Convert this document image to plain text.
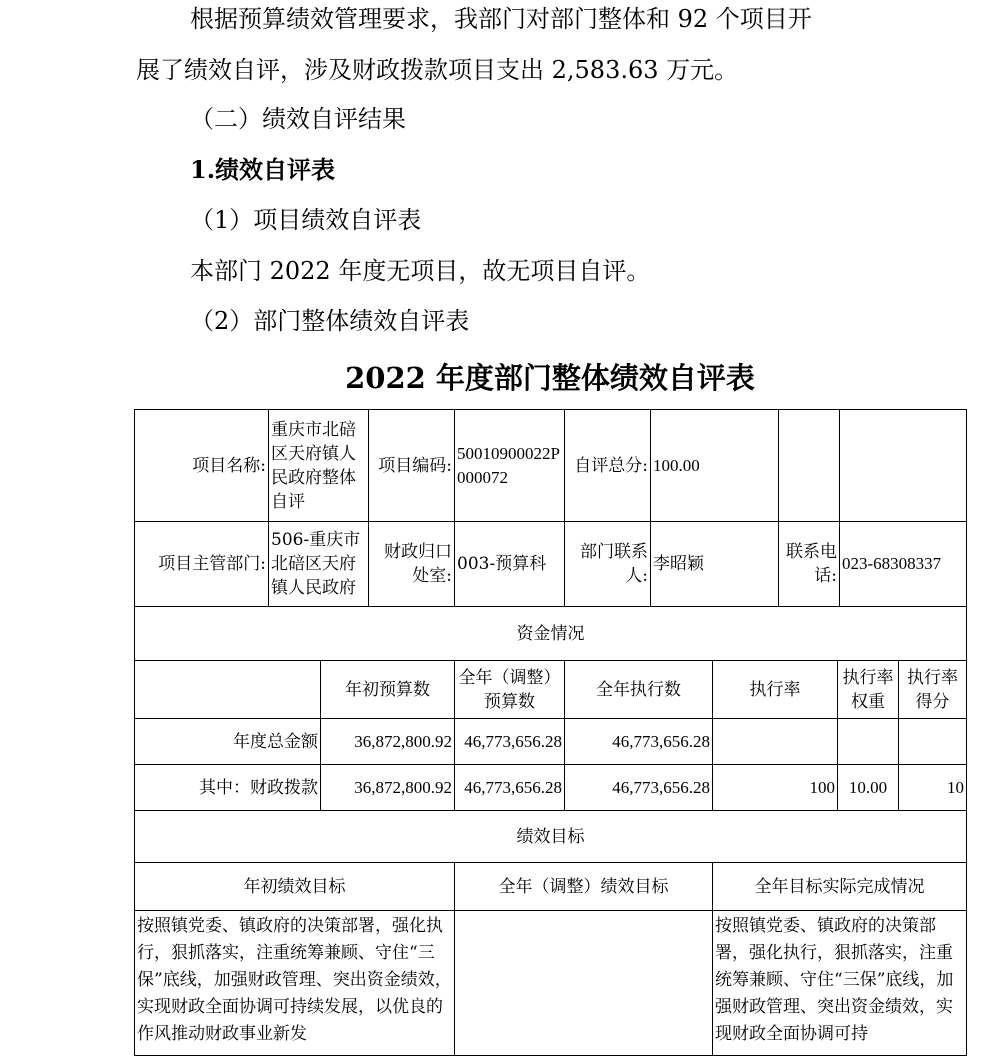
根据预算绩效管理要求，我部门对部门整体和 92 个项目开
展了绩效自评，涉及财政拨款项目支出 2,583.63 万元。
（二）绩效自评结果
1.绩效自评表
（1）项目绩效自评表
本部门 2022 年度无项目，故无项目自评。
（2）部门整体绩效自评表
2022 年度部门整体绩效自评表
项目名称:	重庆市北碚区天府镇人民政府整体自评	项目编码:	50010900022P000072	自评总分:	100.00		
项目主管部门:	506-重庆市北碚区天府镇人民政府	财政归口处室:	003-预算科	部门联系人:	李昭颖	联系电话:	023-68308337
资金情况							
	年初预算数	全年（调整）预算数	全年执行数	执行率	执行率权重	执行率得分
年度总金额	36,872,800.92	46,773,656.28	46,773,656.28			
其中：财政拨款	36,872,800.92	46,773,656.28	46,773,656.28	100	10.00	10
绩效目标						
年初绩效目标		全年（调整）绩效目标		全年目标实际完成情况		
按照镇党委、镇政府的决策部署，强化执行，狠抓落实，注重统筹兼顾、守住“三保”底线，加强财政管理、突出资金绩效，实现财政全面协调可持续发展，以优良的作风推动财政事业新发				按照镇党委、镇政府的决策部署，强化执行，狠抓落实，注重统筹兼顾、守住“三保”底线，加强财政管理、突出资金绩效，实现财政全面协调可持		
